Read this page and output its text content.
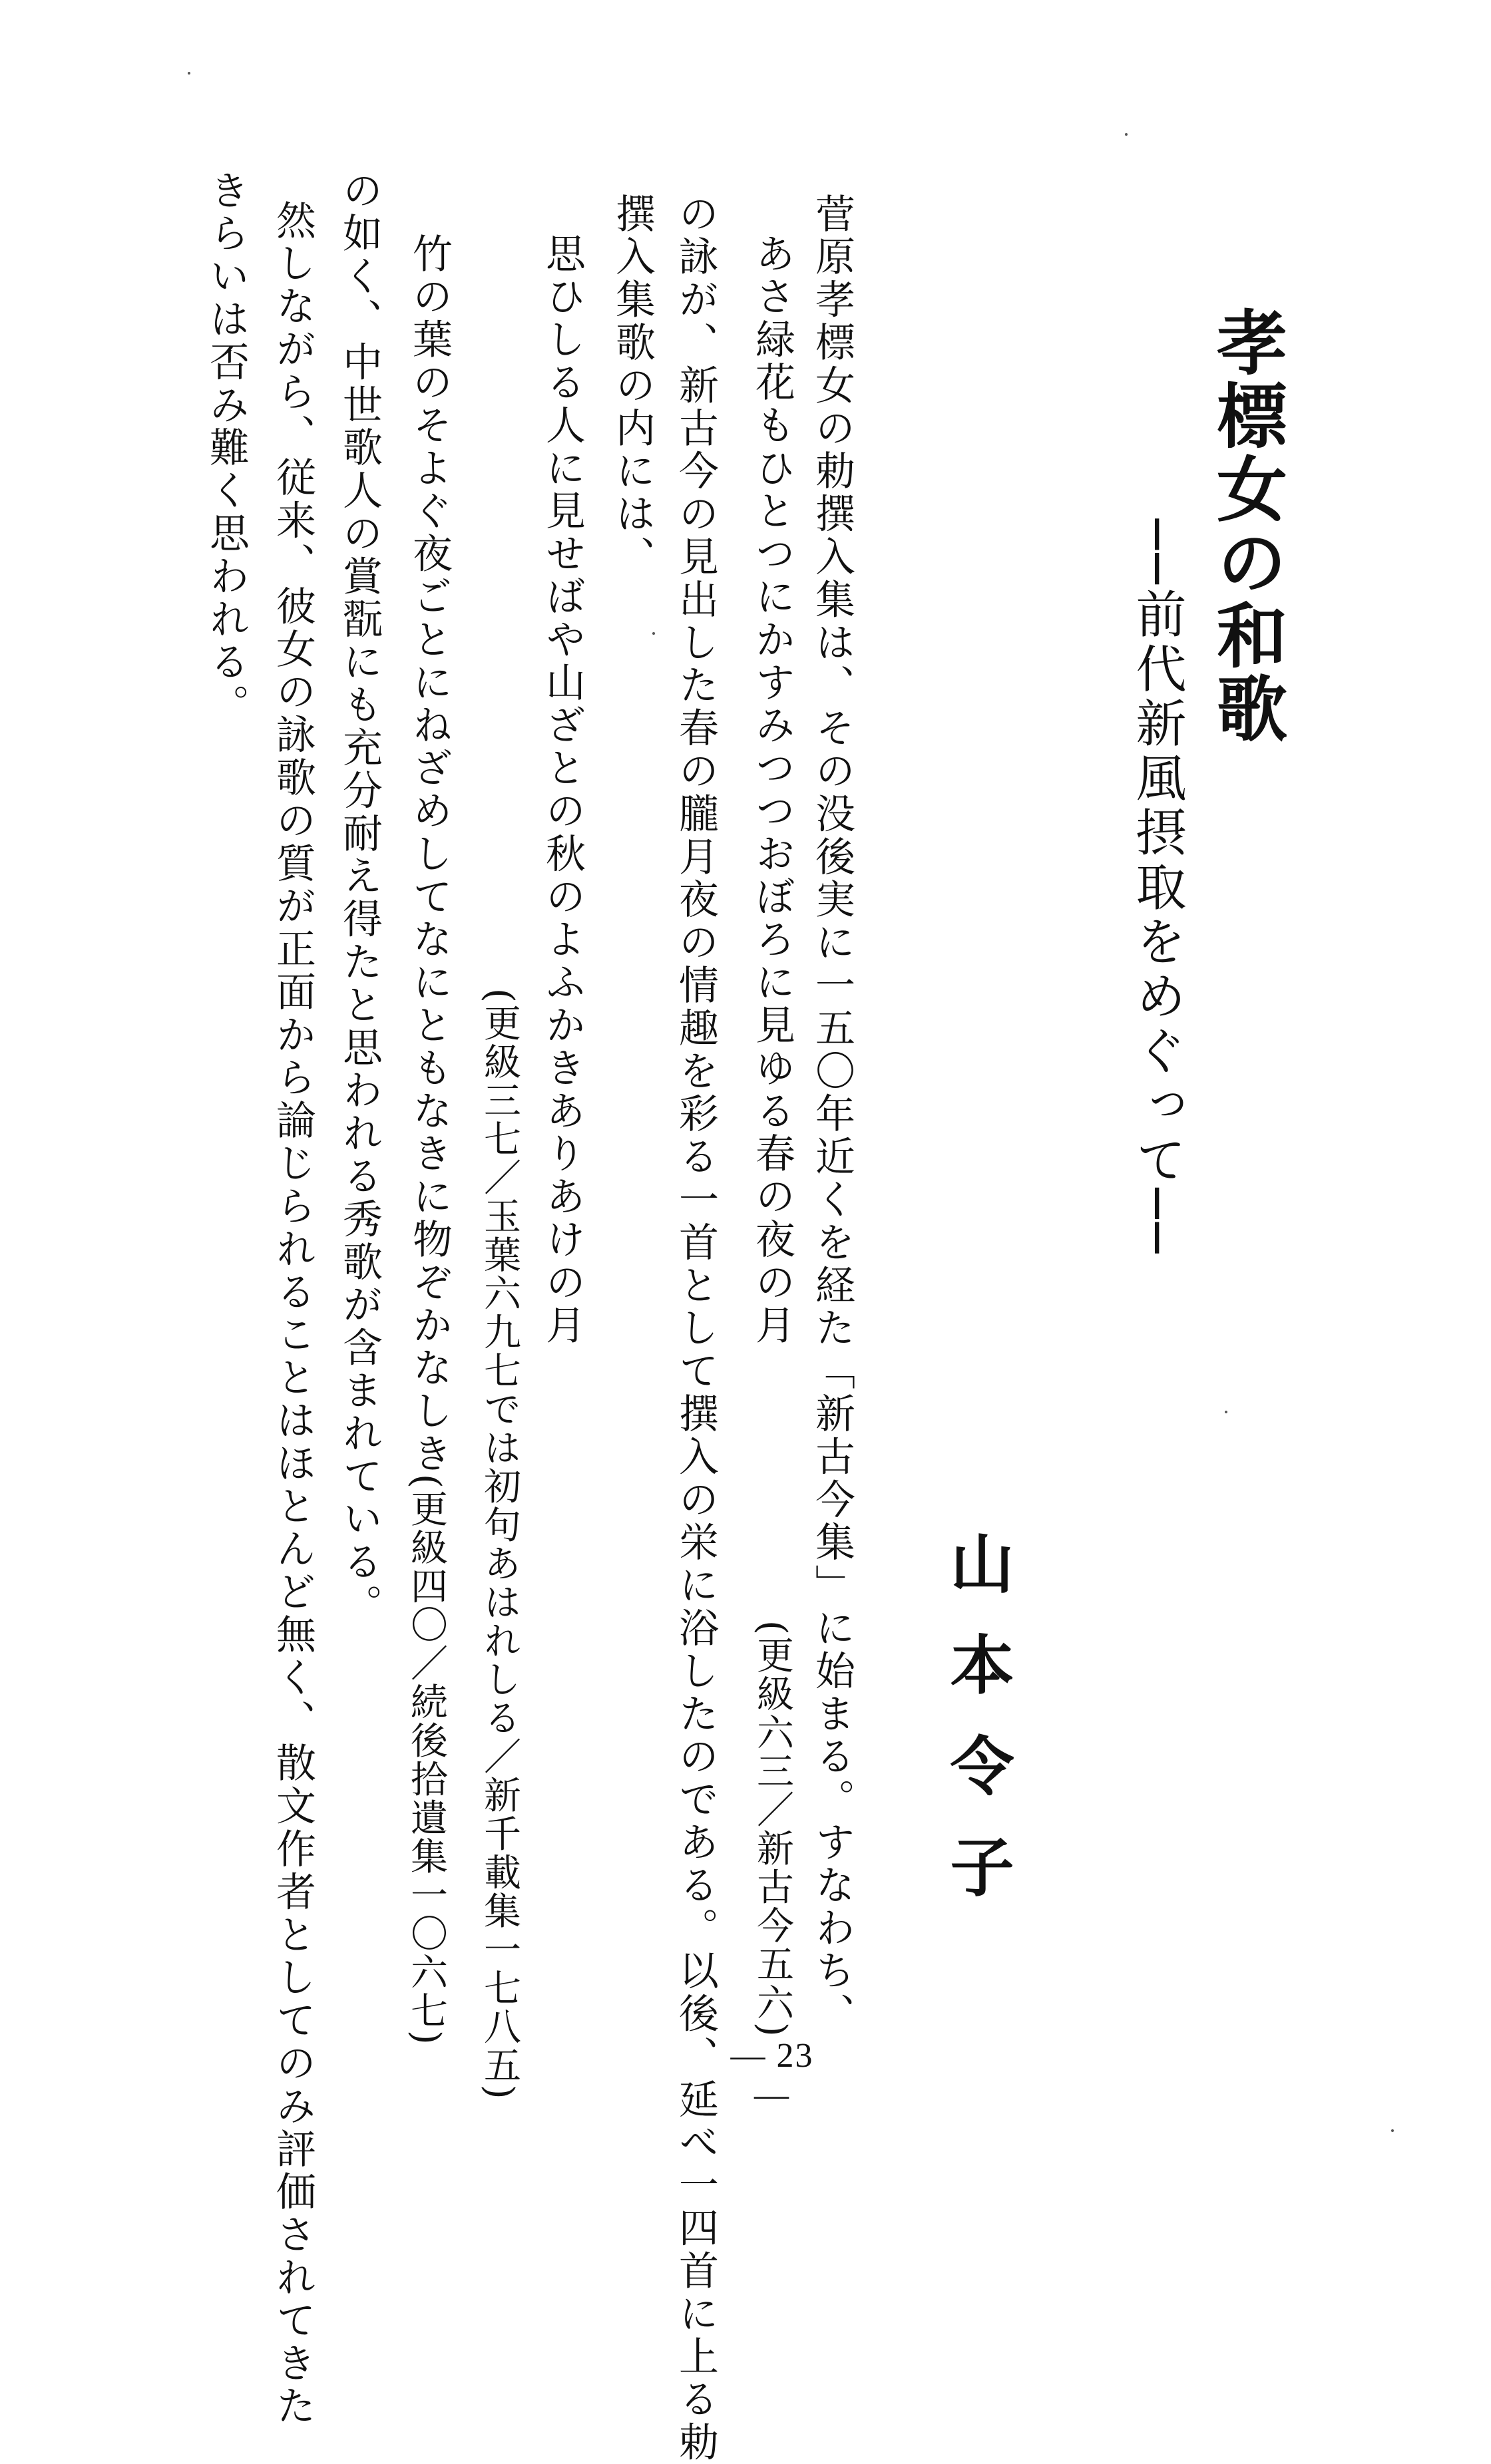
孝標女の和歌
──前代新風摂取をめぐって──
山本令子
菅原孝標女の勅撰入集は、その没後実に一五〇年近くを経た「新古今集」に始まる。すなわち、
あさ緑花もひとつにかすみつつおぼろに見ゆる春の夜の月
(更級六三／新古今五六)
の詠が、新古今の見出した春の朧月夜の情趣を彩る一首として撰入の栄に浴したのである。以後、延べ一四首に上る勅
撰入集歌の内には、
思ひしる人に見せばや山ざとの秋のよふかきありあけの月
(更級三七／玉葉六九七では初句あはれしる／新千載集一七八五)
竹の葉のそよぐ夜ごとにねざめしてなにともなきに物ぞかなしき
(更級四〇／続後拾遺集一〇六七)
の如く、中世歌人の賞翫にも充分耐え得たと思われる秀歌が含まれている。
然しながら、従来、彼女の詠歌の質が正面から論じられることはほとんど無く、散文作者としてのみ評価されてきた
きらいは否み難く思われる。
— 23 —
